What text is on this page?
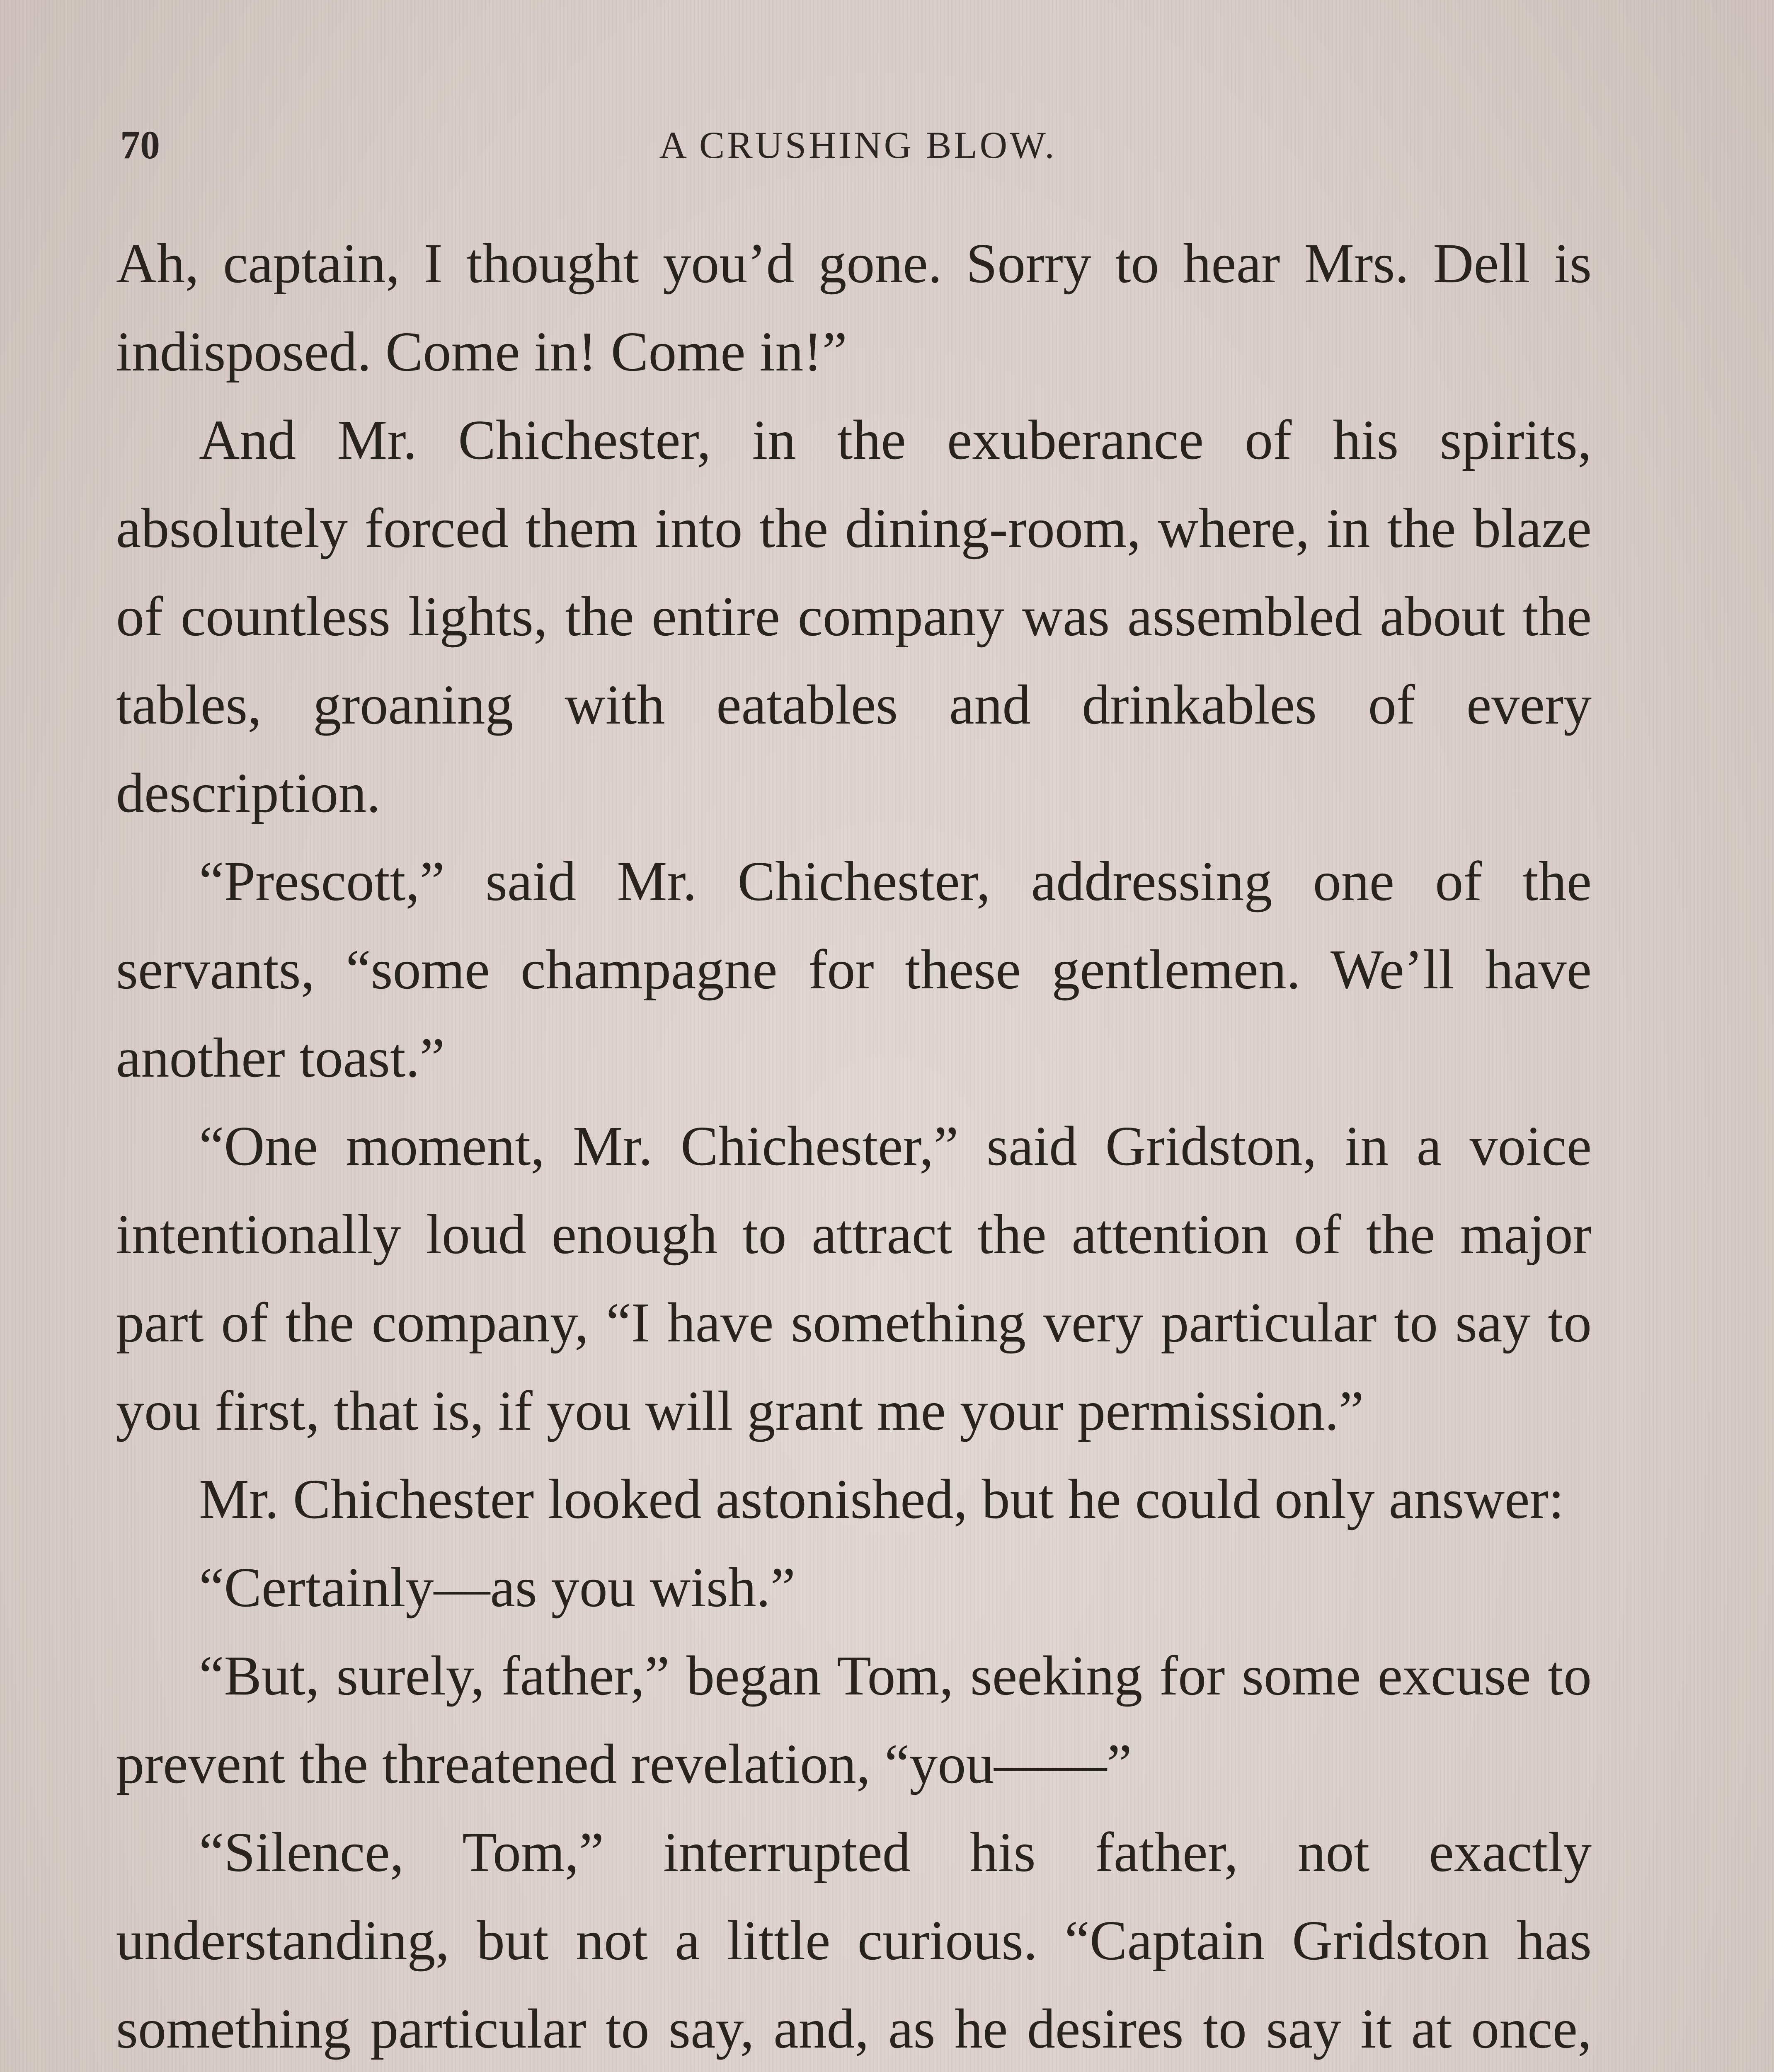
70	A CRUSHING BLOW.

Ah, captain, I thought you’d gone. Sorry to hear Mrs. Dell is indisposed. Come in! Come in!”

And Mr. Chichester, in the exuberance of his spirits, absolutely forced them into the dining-room, where, in the blaze of countless lights, the entire company was assembled about the tables, groaning with eatables and drinkables of every description.

“Prescott,” said Mr. Chichester, addressing one of the servants, “some champagne for these gentlemen. We’ll have another toast.”

“One moment, Mr. Chichester,” said Gridston, in a voice intentionally loud enough to attract the attention of the major part of the company, “I have something very particular to say to you first, that is, if you will grant me your permission.”

Mr. Chichester looked astonished, but he could only answer:

“Certainly—as you wish.”

“But, surely, father,” began Tom, seeking for some excuse to prevent the threatened revelation, “you——”

“Silence, Tom,” interrupted his father, not exactly understanding, but not a little curious. “Captain Gridston has something particular to say, and, as he desires to say it at once,
